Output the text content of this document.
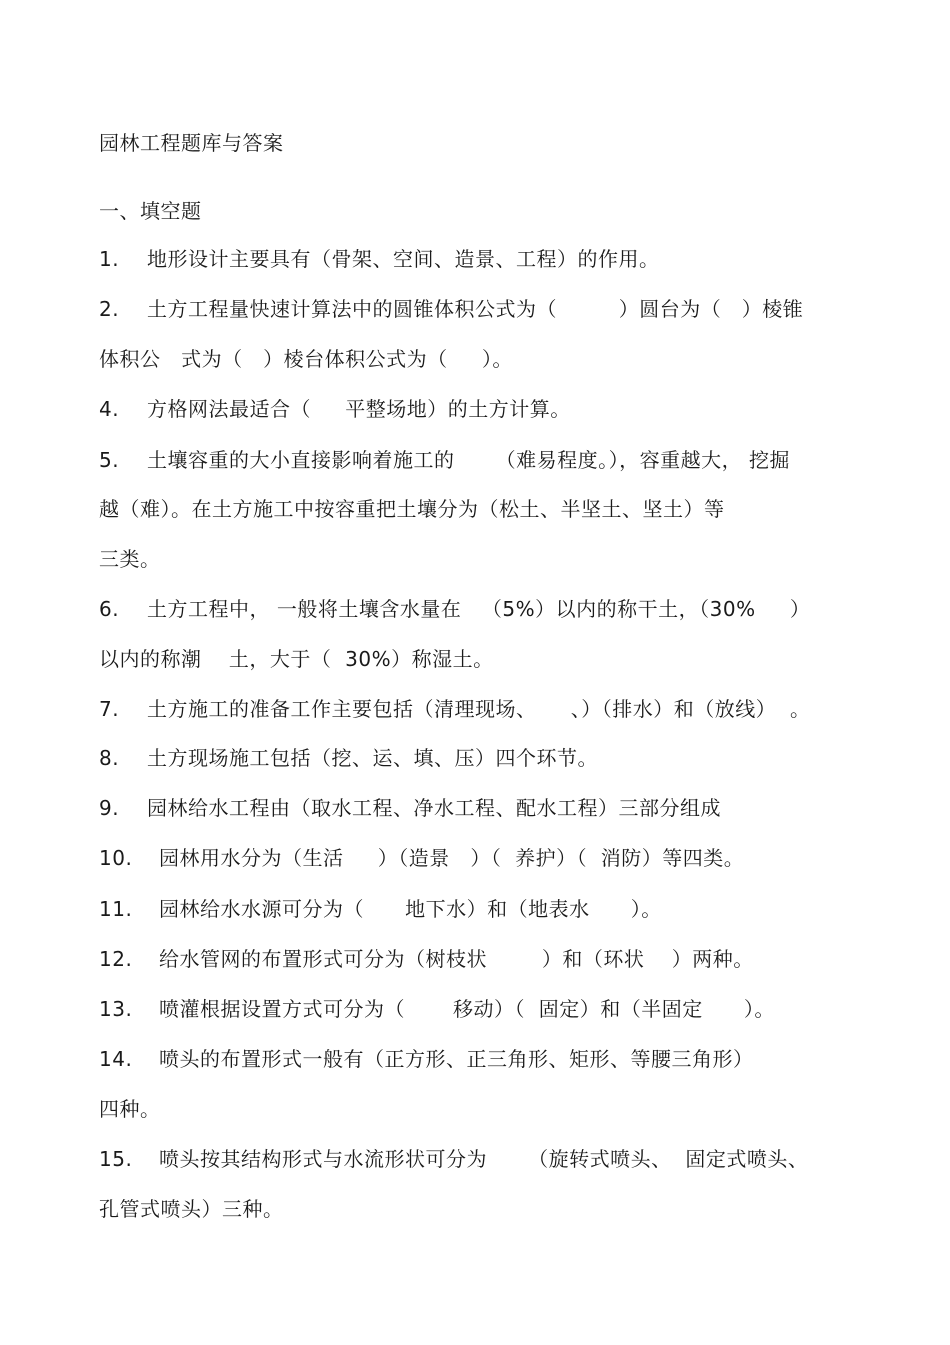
园林工程题库与答案
一、填空题
1. 地形设计主要具有（骨架、空间、造景、工程）的作用。
2. 土方工程量快速计算法中的圆锥体积公式为（         ）圆台为（   ）棱锥
体积公   式为（   ）棱台体积公式为（     ）。
4. 方格网法最适合（     平整场地）的土方计算。
5. 土壤容重的大小直接影响着施工的      （难易程度。），容重越大， 挖掘
越（难）。在土方施工中按容重把土壤分为（松土、半坚土、坚土）等
三类。
6. 土方工程中， 一般将土壤含水量在   （5%）以内的称干土，（30%     ）
以内的称潮    土，大于（  30%）称湿土。
7. 土方施工的准备工作主要包括（清理现场、     、）（排水）和（放线）  。
8. 土方现场施工包括（挖、运、填、压）四个环节。
9. 园林给水工程由（取水工程、净水工程、配水工程）三部分组成
10. 园林用水分为（生活     ）（造景   ）（  养护）（  消防）等四类。
11. 园林给水水源可分为（      地下水）和（地表水      ）。
12. 给水管网的布置形式可分为（树枝状        ）和（环状    ）两种。
13. 喷灌根据设置方式可分为（       移动）（  固定）和（半固定      ）。
14. 喷头的布置形式一般有（正方形、正三角形、矩形、等腰三角形）
四种。
15. 喷头按其结构形式与水流形状可分为      （旋转式喷头、  固定式喷头、
孔管式喷头）三种。
